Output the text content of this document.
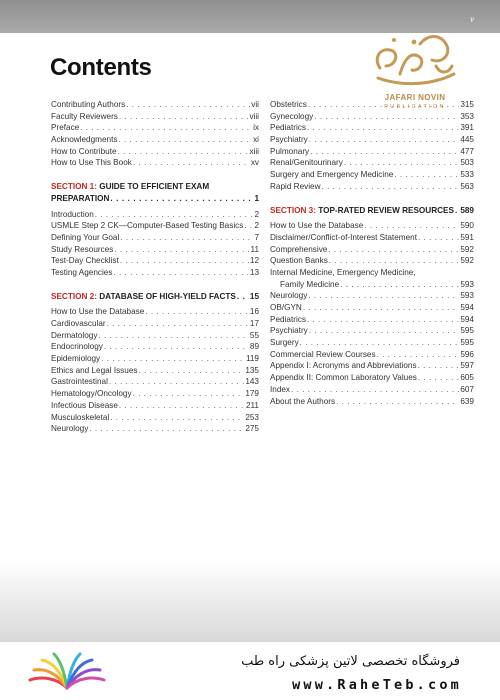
v
Contents
JAFARI NOVIN
PUBLICATION
Contributing Authors . . .	vii
Faculty Reviewers . . .	viii
Preface . . .	ix
Acknowledgments . . .	xi
How to Contribute . . .	xiii
How to Use This Book . . .	xv
SECTION 1:
GUIDE TO EFFICIENT EXAM
PREPARATION . . .	1
Introduction . . .	2
USMLE Step 2 CK—Computer-Based Testing Basics . . . 2
Defining Your Goal . . .	7
Study Resources . . .	11
Test-Day Checklist . . .	12
Testing Agencies . . .	13
SECTION 2:
DATABASE OF HIGH-YIELD FACTS . . . 15
How to Use the Database . . .	16
Cardiovascular . . .	17
Dermatology . . .	55
Endocrinology . . .	89
Epidemiology . . .	119
Ethics and Legal Issues . . .	135
Gastrointestinal . . .	143
Hematology/Oncology . . .	179
Infectious Disease . . .	211
Musculoskeletal . . .	253
Neurology . . .	275
Obstetrics . . .	315
Gynecology . . .	353
Pediatrics . . .	391
Psychiatry . . .	445
Pulmonary . . .	477
Renal/Genitourinary . . .	503
Surgery and Emergency Medicine . . .	533
Rapid Review . . .	563
SECTION 3:
TOP-RATED REVIEW RESOURCES . . . 589
How to Use the Database . . .	590
Disclaimer/Conflict-of-Interest Statement . . .	591
Comprehensive . . .	592
Question Banks . . .	592
Internal Medicine, Emergency Medicine,
Family Medicine . . .	593
Neurology . . .	593
OB/GYN . . .	594
Pediatrics . . .	594
Psychiatry . . .	595
Surgery . . .	595
Commercial Review Courses . . .	596
Appendix I: Acronyms and Abbreviations . . .	597
Appendix II: Common Laboratory Values . . .	605
Index . . .	607
About the Authors . . .	639
فروشگاه تخصصی لاتین پزشکی راه طب
www.RaheTeb.com
